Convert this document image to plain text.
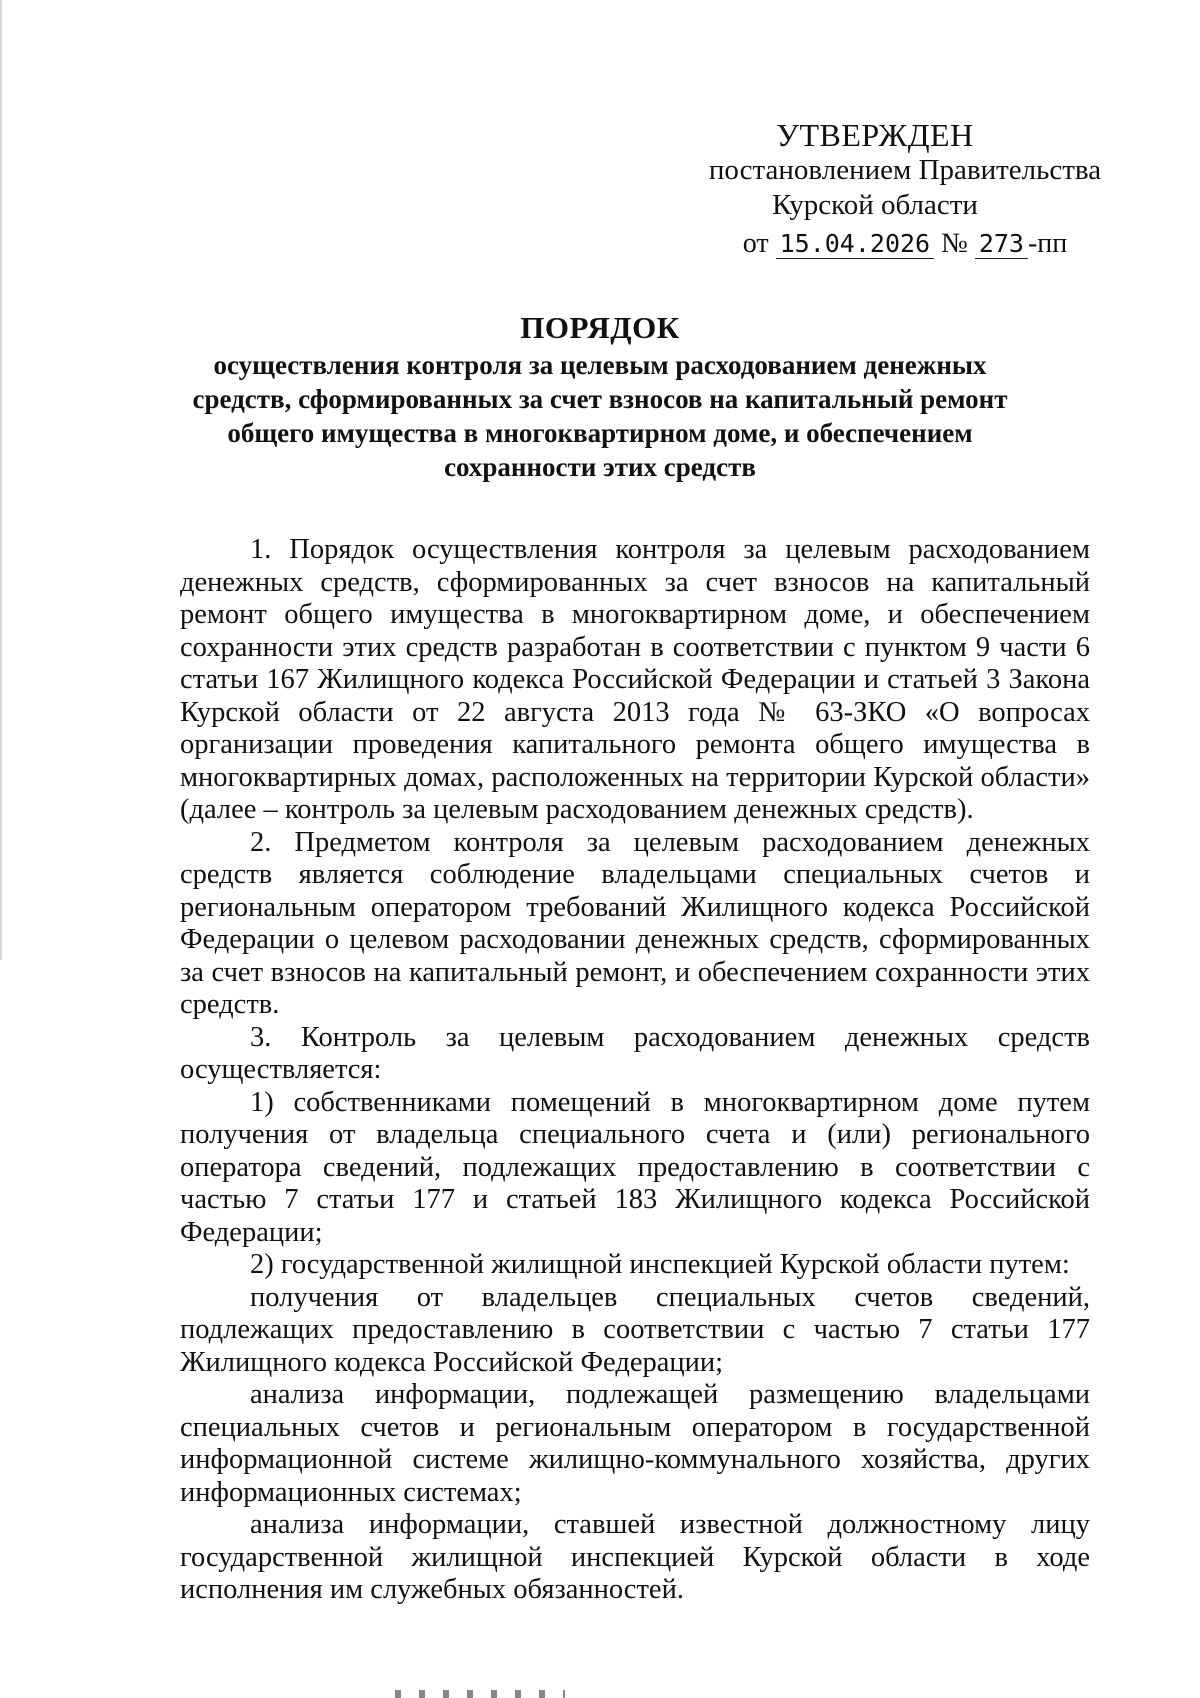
УТВЕРЖДЕН
постановлением Правительства
Курской области
от 15.04.2026 № 273 -пп
ПОРЯДОК
осуществления контроля за целевым расходованием денежных
средств, сформированных за счет взносов на капитальный ремонт
общего имущества в многоквартирном доме, и обеспечением
сохранности этих средств

1. Порядок осуществления контроля за целевым расходованием денежных средств, сформированных за счет взносов на капитальный ремонт общего имущества в многоквартирном доме, и обеспечением сохранности этих средств разработан в соответствии с пунктом 9 части 6 статьи 167 Жилищного кодекса Российской Федерации и статьей 3 Закона Курской области от 22 августа 2013 года № 63-ЗКО «О вопросах организации проведения капитального ремонта общего имущества в многоквартирных домах, расположенных на территории Курской области» (далее – контроль за целевым расходованием денежных средств).

2. Предметом контроля за целевым расходованием денежных средств является соблюдение владельцами специальных счетов и региональным оператором требований Жилищного кодекса Российской Федерации о целевом расходовании денежных средств, сформированных за счет взносов на капитальный ремонт, и обеспечением сохранности этих средств.

3. Контроль за целевым расходованием денежных средств осуществляется:

1) собственниками помещений в многоквартирном доме путем получения от владельца специального счета и (или) регионального оператора сведений, подлежащих предоставлению в соответствии с частью 7 статьи 177 и статьей 183 Жилищного кодекса Российской Федерации;

2) государственной жилищной инспекцией Курской области путем:

получения от владельцев специальных счетов сведений, подлежащих предоставлению в соответствии с частью 7 статьи 177 Жилищного кодекса Российской Федерации;

анализа информации, подлежащей размещению владельцами специальных счетов и региональным оператором в государственной информационной системе жилищно-коммунального хозяйства, других информационных системах;

анализа информации, ставшей известной должностному лицу государственной жилищной инспекцией Курской области в ходе исполнения им служебных обязанностей.
